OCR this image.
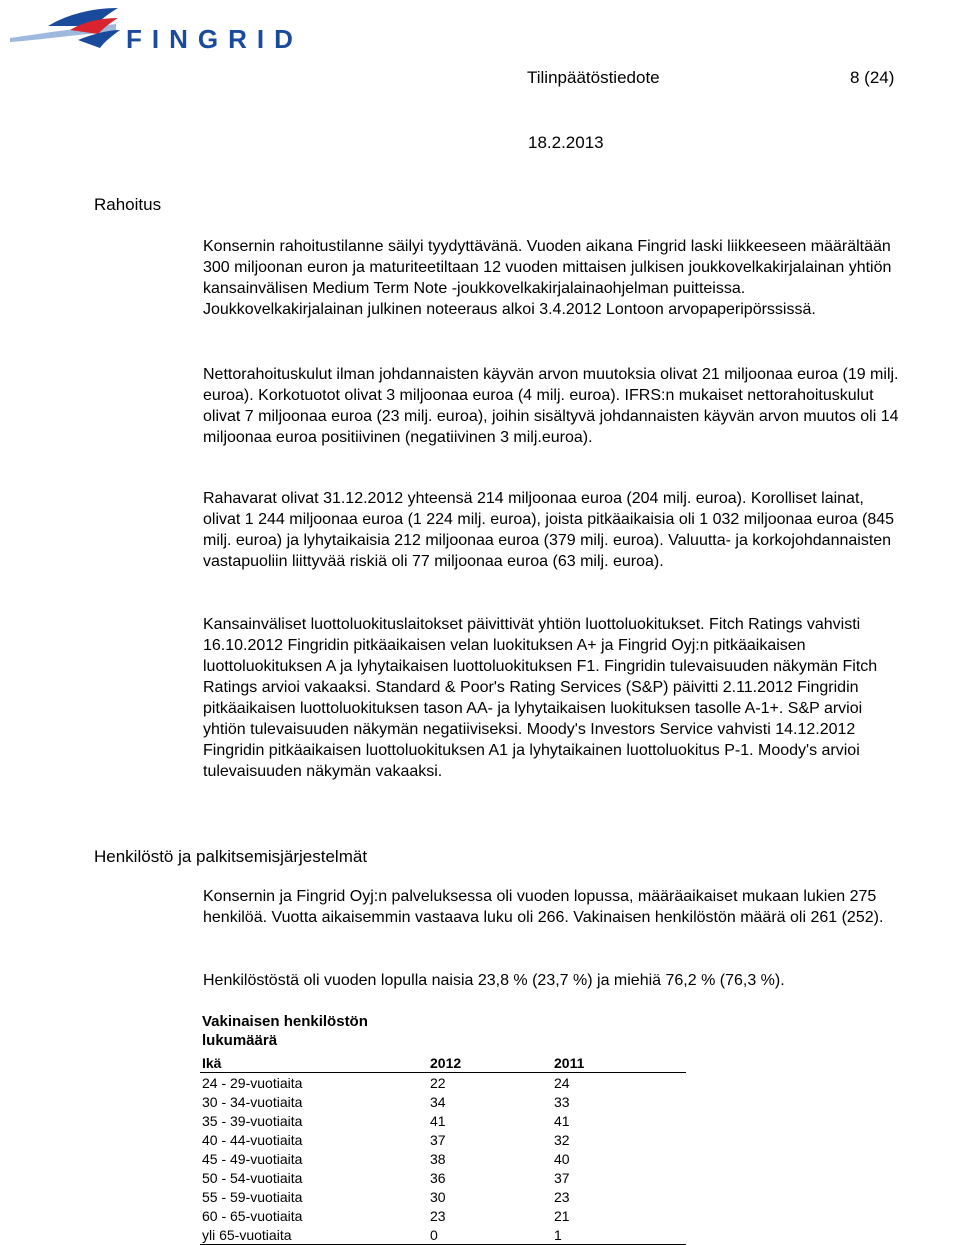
FINGRID
Tilinpäätöstiedote	8 (24)
18.2.2013
Rahoitus

Konsernin rahoitustilanne säilyi tyydyttävänä. Vuoden aikana Fingrid laski liikkeeseen määrältään 300 miljoonan euron ja maturiteetiltaan 12 vuoden mittaisen julkisen joukkovelkakirjalainan yhtiön kansainvälisen Medium Term Note -joukkovelkakirjalainaohjelman puitteissa. Joukkovelkakirjalainan julkinen noteeraus alkoi 3.4.2012 Lontoon arvopaperipörssissä.

Nettorahoituskulut ilman johdannaisten käyvän arvon muutoksia olivat 21 miljoonaa euroa (19 milj. euroa). Korkotuotot olivat 3 miljoonaa euroa (4 milj. euroa). IFRS:n mukaiset nettorahoituskulut olivat 7 miljoonaa euroa (23 milj. euroa), joihin sisältyvä johdannaisten käyvän arvon muutos oli 14 miljoonaa euroa positiivinen (negatiivinen 3 milj.euroa).

Rahavarat olivat 31.12.2012 yhteensä 214 miljoonaa euroa (204 milj. euroa). Korolliset lainat, olivat 1 244 miljoonaa euroa (1 224 milj. euroa), joista pitkäaikaisia oli 1 032 miljoonaa euroa (845 milj. euroa) ja lyhytaikaisia 212 miljoonaa euroa (379 milj. euroa). Valuutta- ja korkojohdannaisten vastapuoliin liittyvää riskiä oli 77 miljoonaa euroa (63 milj. euroa).

Kansainväliset luottoluokituslaitokset päivittivät yhtiön luottoluokitukset. Fitch Ratings vahvisti 16.10.2012 Fingridin pitkäaikaisen velan luokituksen A+ ja Fingrid Oyj:n pitkäaikaisen luottoluokituksen A ja lyhytaikaisen luottoluokituksen F1. Fingridin tulevaisuuden näkymän Fitch Ratings arvioi vakaaksi. Standard & Poor's Rating Services (S&P) päivitti 2.11.2012 Fingridin pitkäaikaisen luottoluokituksen tason AA- ja lyhytaikaisen luokituksen tasolle A-1+. S&P arvioi yhtiön tulevaisuuden näkymän negatiiviseksi. Moody's Investors Service vahvisti 14.12.2012 Fingridin pitkäaikaisen luottoluokituksen A1 ja lyhytaikainen luottoluokitus P-1. Moody's arvioi tulevaisuuden näkymän vakaaksi.

Henkilöstö ja palkitsemisjärjestelmät

Konsernin ja Fingrid Oyj:n palveluksessa oli vuoden lopussa, määräaikaiset mukaan lukien 275 henkilöä. Vuotta aikaisemmin vastaava luku oli 266. Vakinaisen henkilöstön määrä oli 261 (252).

Henkilöstöstä oli vuoden lopulla naisia 23,8 % (23,7 %) ja miehiä 76,2 % (76,3 %).

Vakinaisen henkilöstön lukumäärä
Ikä	2012	2011
24 - 29-vuotiaita	22	24
30 - 34-vuotiaita	34	33
35 - 39-vuotiaita	41	41
40 - 44-vuotiaita	37	32
45 - 49-vuotiaita	38	40
50 - 54-vuotiaita	36	37
55 - 59-vuotiaita	30	23
60 - 65-vuotiaita	23	21
yli 65-vuotiaita	0	1
